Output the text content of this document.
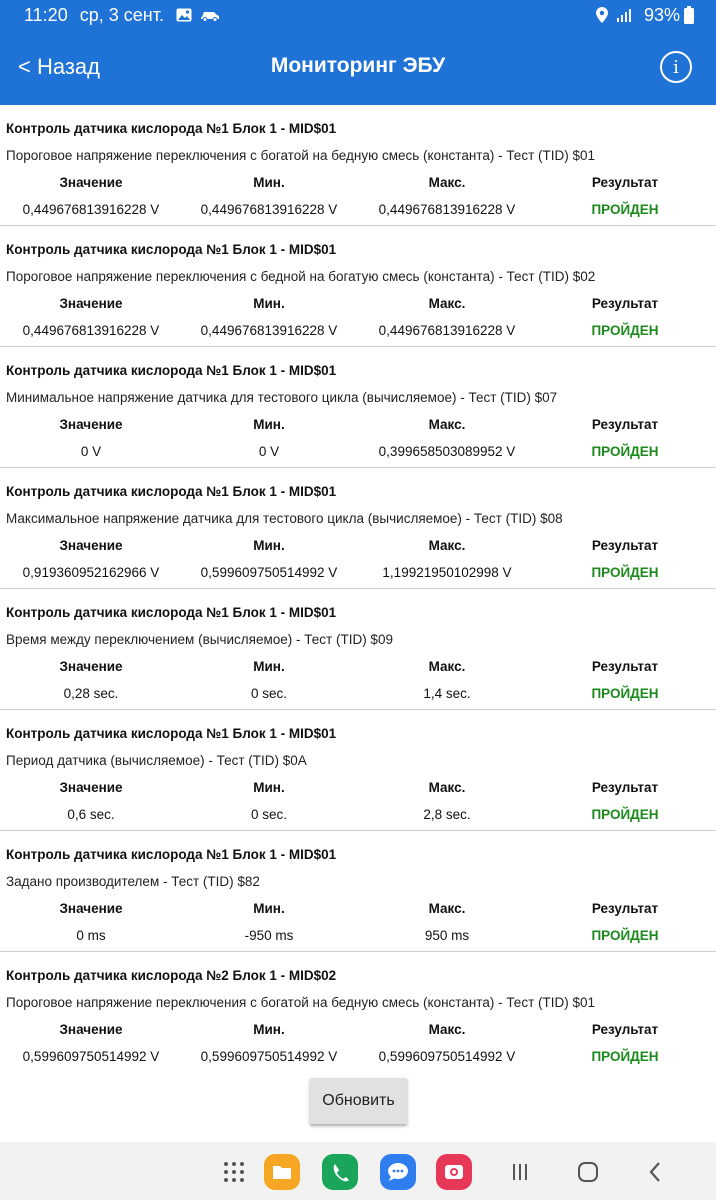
11:20 ср, 3 сент.	93%
< Назад	Мониторинг ЭБУ	i
Контроль датчика кислорода №1 Блок 1 - MID$01
Пороговое напряжение переключения с богатой на бедную смесь (константа) - Тест (TID) $01
Значение	Мин.	Макс.	Результат
0,449676813916228 V	0,449676813916228 V	0,449676813916228 V	ПРОЙДЕН
Контроль датчика кислорода №1 Блок 1 - MID$01
Пороговое напряжение переключения с бедной на богатую смесь (константа) - Тест (TID) $02
Значение	Мин.	Макс.	Результат
0,449676813916228 V	0,449676813916228 V	0,449676813916228 V	ПРОЙДЕН
Контроль датчика кислорода №1 Блок 1 - MID$01
Минимальное напряжение датчика для тестового цикла (вычисляемое) - Тест (TID) $07
Значение	Мин.	Макс.	Результат
0 V	0 V	0,399658503089952 V	ПРОЙДЕН
Контроль датчика кислорода №1 Блок 1 - MID$01
Максимальное напряжение датчика для тестового цикла (вычисляемое) - Тест (TID) $08
Значение	Мин.	Макс.	Результат
0,919360952162966 V	0,599609750514992 V	1,19921950102998 V	ПРОЙДЕН
Контроль датчика кислорода №1 Блок 1 - MID$01
Время между переключением (вычисляемое) - Тест (TID) $09
Значение	Мин.	Макс.	Результат
0,28 sec.	0 sec.	1,4 sec.	ПРОЙДЕН
Контроль датчика кислорода №1 Блок 1 - MID$01
Период датчика (вычисляемое) - Тест (TID) $0A
Значение	Мин.	Макс.	Результат
0,6 sec.	0 sec.	2,8 sec.	ПРОЙДЕН
Контроль датчика кислорода №1 Блок 1 - MID$01
Задано производителем - Тест (TID) $82
Значение	Мин.	Макс.	Результат
0 ms	-950 ms	950 ms	ПРОЙДЕН
Контроль датчика кислорода №2 Блок 1 - MID$02
Пороговое напряжение переключения с богатой на бедную смесь (константа) - Тест (TID) $01
Значение	Мин.	Макс.	Результат
0,599609750514992 V	0,599609750514992 V	0,599609750514992 V	ПРОЙДЕН
Обновить
